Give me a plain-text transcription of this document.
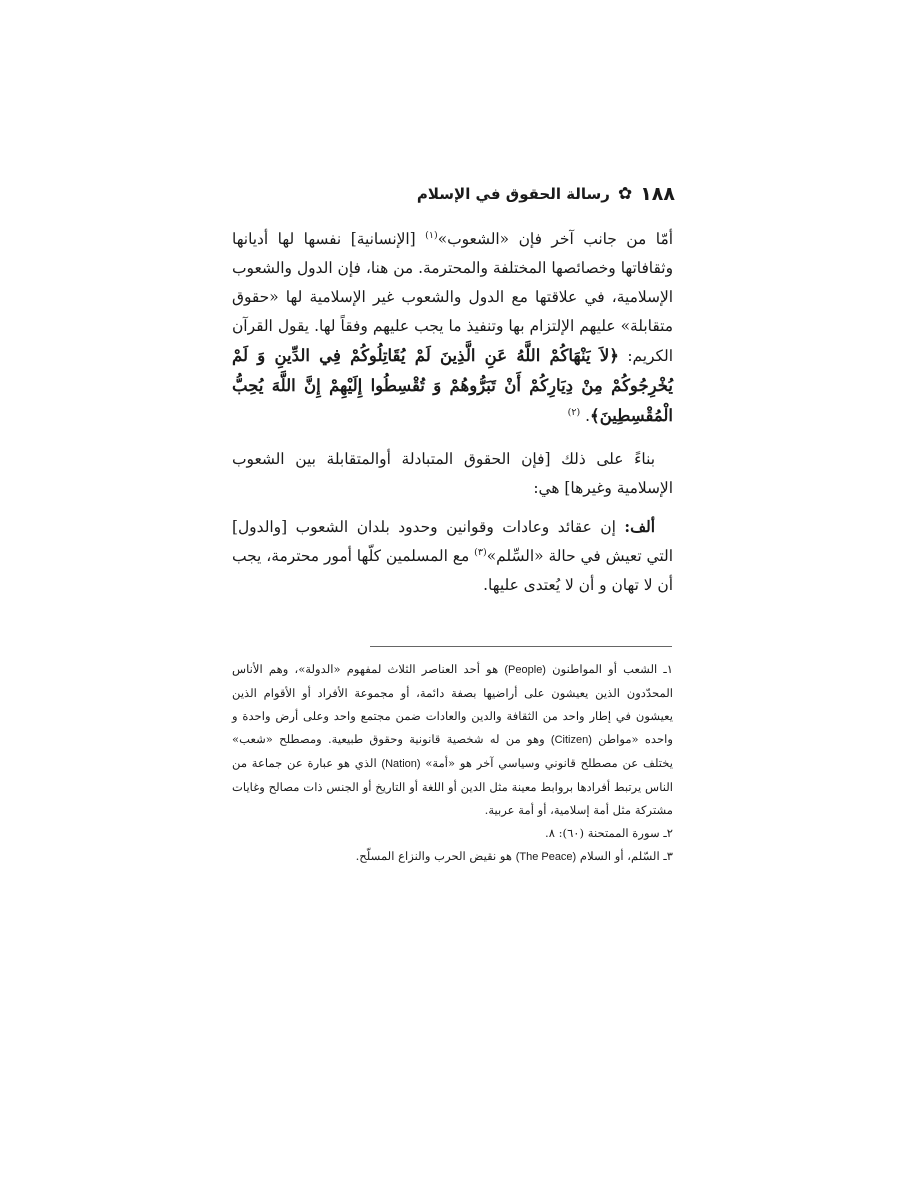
رسالة الحقوق في الإسلام ✿ ١٨٨

أمّا من جانب آخر فإن «الشعوب»$^{(١)}$ [الإنسانية] نفسها لها أديانها وثقافاتها وخصائصها المختلفة والمحترمة. من هنا، فإن الدول والشعوب الإسلامية، في علاقتها مع الدول والشعوب غير الإسلامية لها «حقوق متقابلة» عليهم الإلتزام بها وتنفيذ ما يجب عليهم وفقاً لها. يقول القرآن الكريم: ﴿لاَ يَنْهَاكُمْ اللَّهُ عَنِ الَّذِينَ لَمْ يُقَاتِلُوكُمْ فِي الدِّينِ وَ لَمْ يُخْرِجُوكُمْ مِنْ دِيَارِكُمْ أَنْ تَبَرُّوهُمْ وَ تُقْسِطُوا إِلَيْهِمْ إِنَّ اللَّهَ يُحِبُّ الْمُقْسِطِينَ﴾. $^{(٢)}$

بناءً على ذلك [فإن الحقوق المتبادلة أوالمتقابلة بين الشعوب الإسلامية وغيرها] هي:

ألف: إن عقائد وعادات وقوانين وحدود بلدان الشعوب [والدول] التي تعيش في حالة «السِّلم»$^{(٣)}$ مع المسلمين كلّها أمور محترمة، يجب أن لا تهان و أن لا يُعتدى عليها.

١ـ الشعب أو المواطنون (People) هو أحد العناصر الثلاث لمفهوم «الدولة»، وهم الأناس المحدّدون الذين يعيشون على أراضيها بصفة دائمة، أو مجموعة الأفراد أو الأقوام الذين يعيشون في إطار واحد من الثقافة والدين والعادات ضمن مجتمع واحد وعلى أرض واحدة و واحده «مواطن (Citizen) وهو من له شخصية قانونية وحقوق طبيعية. ومصطلح «شعب» يختلف عن مصطلح قانوني وسياسي آخر هو «أمة» (Nation) الذي هو عبارة عن جماعة من الناس يرتبط أفرادها بروابط معينة مثل الدين أو اللغة أو التاريخ أو الجنس ذات مصالح وغايات مشتركة مثل أمة إسلامية، أو أمة عربية.

٢ـ سورة الممتحنة (٦٠): ٨.

٣ـ السّلم، أو السلام (The Peace) هو نقيض الحرب والنزاع المسلّح.
